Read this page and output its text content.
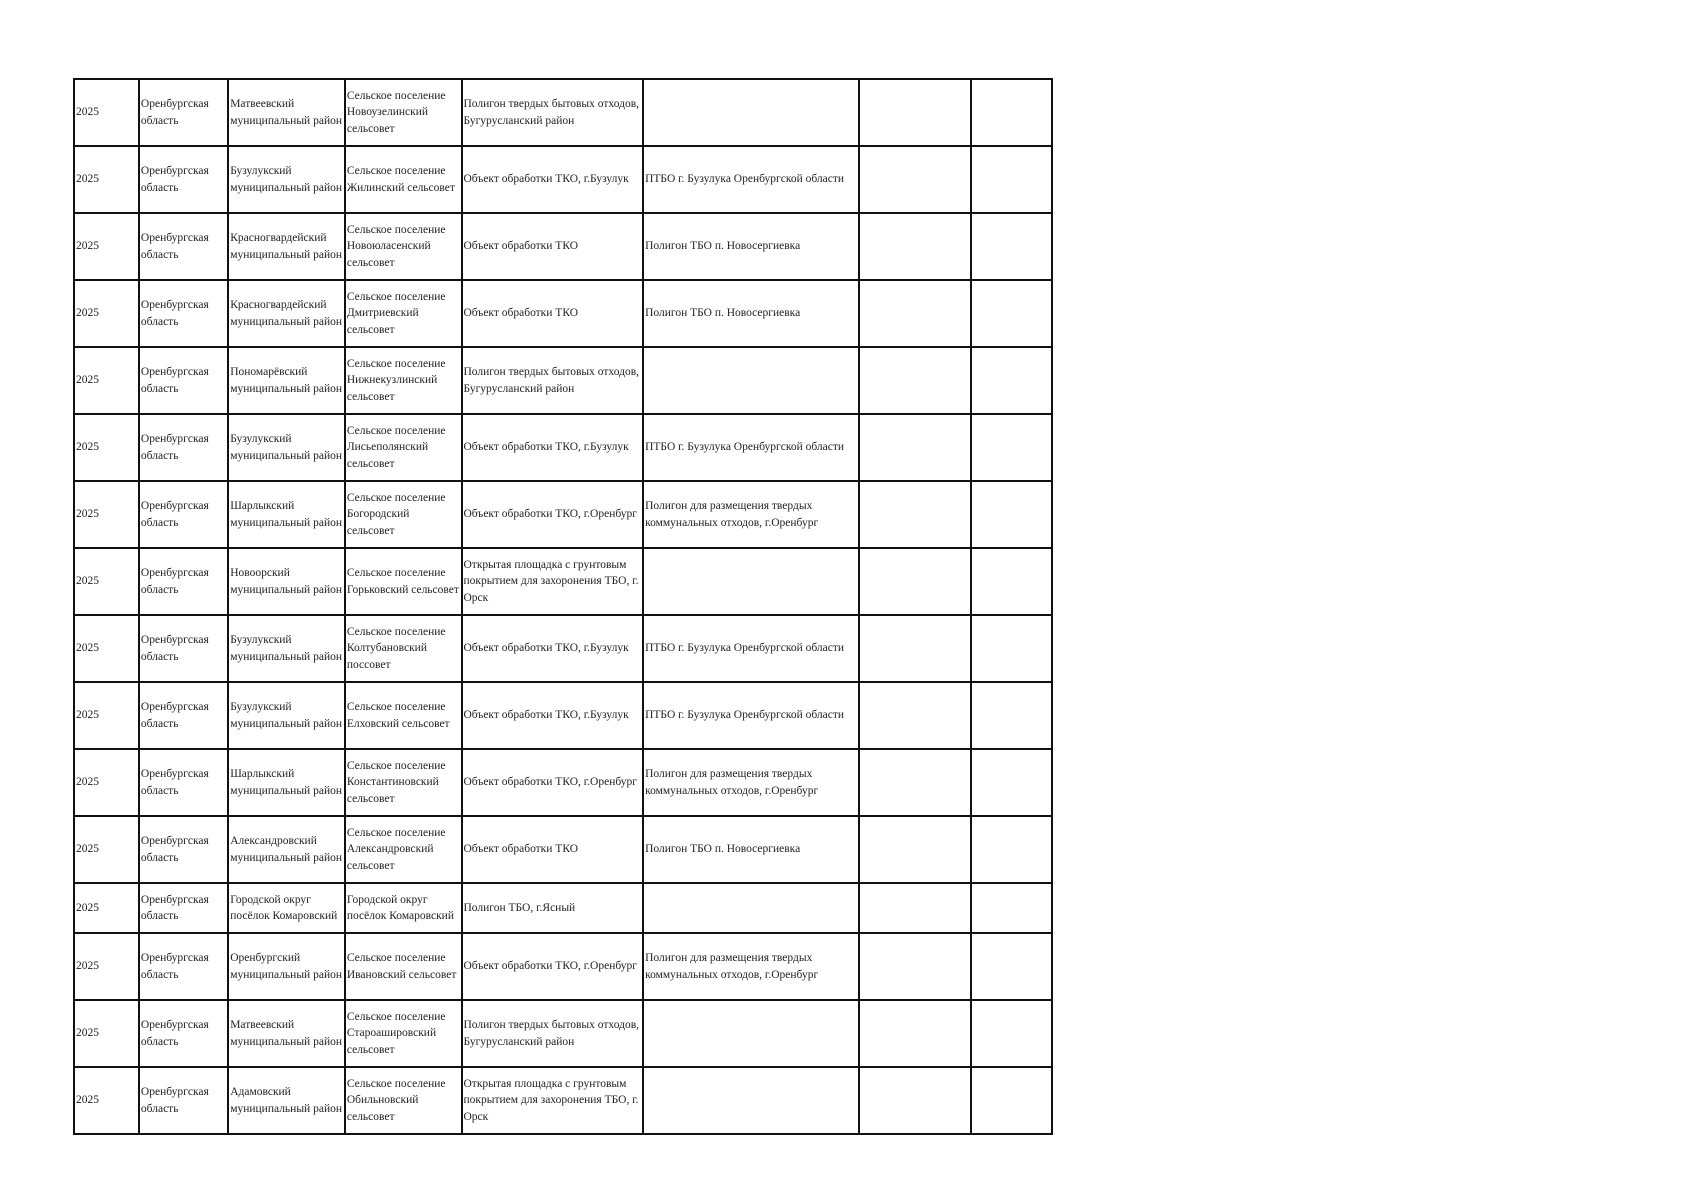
2025	Оренбургская область	Матвеевский муниципальный район	Сельское поселение Новоузелинский сельсовет	Полигон твердых бытовых отходов, Бугурусланский район			
2025	Оренбургская область	Бузулукский муниципальный район	Сельское поселение Жилинский сельсовет	Объект обработки ТКО, г.Бузулук	ПТБО г. Бузулука Оренбургской области		
2025	Оренбургская область	Красногвардейский муниципальный район	Сельское поселение Новоюласенский сельсовет	Объект обработки ТКО	Полигон ТБО п. Новосергиевка		
2025	Оренбургская область	Красногвардейский муниципальный район	Сельское поселение Дмитриевский сельсовет	Объект обработки ТКО	Полигон ТБО п. Новосергиевка		
2025	Оренбургская область	Пономарёвский муниципальный район	Сельское поселение Нижнекузлинский сельсовет	Полигон твердых бытовых отходов, Бугурусланский район			
2025	Оренбургская область	Бузулукский муниципальный район	Сельское поселение Лисьеполянский сельсовет	Объект обработки ТКО, г.Бузулук	ПТБО г. Бузулука Оренбургской области		
2025	Оренбургская область	Шарлыкский муниципальный район	Сельское поселение Богородский сельсовет	Объект обработки ТКО, г.Оренбург	Полигон для размещения твердых коммунальных отходов, г.Оренбург		
2025	Оренбургская область	Новоорский муниципальный район	Сельское поселение Горьковский сельсовет	Открытая площадка с грунтовым покрытием для захоронения ТБО, г. Орск			
2025	Оренбургская область	Бузулукский муниципальный район	Сельское поселение Колтубановский поссовет	Объект обработки ТКО, г.Бузулук	ПТБО г. Бузулука Оренбургской области		
2025	Оренбургская область	Бузулукский муниципальный район	Сельское поселение Елховский сельсовет	Объект обработки ТКО, г.Бузулук	ПТБО г. Бузулука Оренбургской области		
2025	Оренбургская область	Шарлыкский муниципальный район	Сельское поселение Константиновский сельсовет	Объект обработки ТКО, г.Оренбург	Полигон для размещения твердых коммунальных отходов, г.Оренбург		
2025	Оренбургская область	Александровский муниципальный район	Сельское поселение Александровский сельсовет	Объект обработки ТКО	Полигон ТБО п. Новосергиевка		
2025	Оренбургская область	Городской округ посёлок Комаровский	Городской округ посёлок Комаровский	Полигон ТБО, г.Ясный			
2025	Оренбургская область	Оренбургский муниципальный район	Сельское поселение Ивановский сельсовет	Объект обработки ТКО, г.Оренбург	Полигон для размещения твердых коммунальных отходов, г.Оренбург		
2025	Оренбургская область	Матвеевский муниципальный район	Сельское поселение Староашировский сельсовет	Полигон твердых бытовых отходов, Бугурусланский район			
2025	Оренбургская область	Адамовский муниципальный район	Сельское поселение Обильновский сельсовет	Открытая площадка с грунтовым покрытием для захоронения ТБО, г. Орск			
